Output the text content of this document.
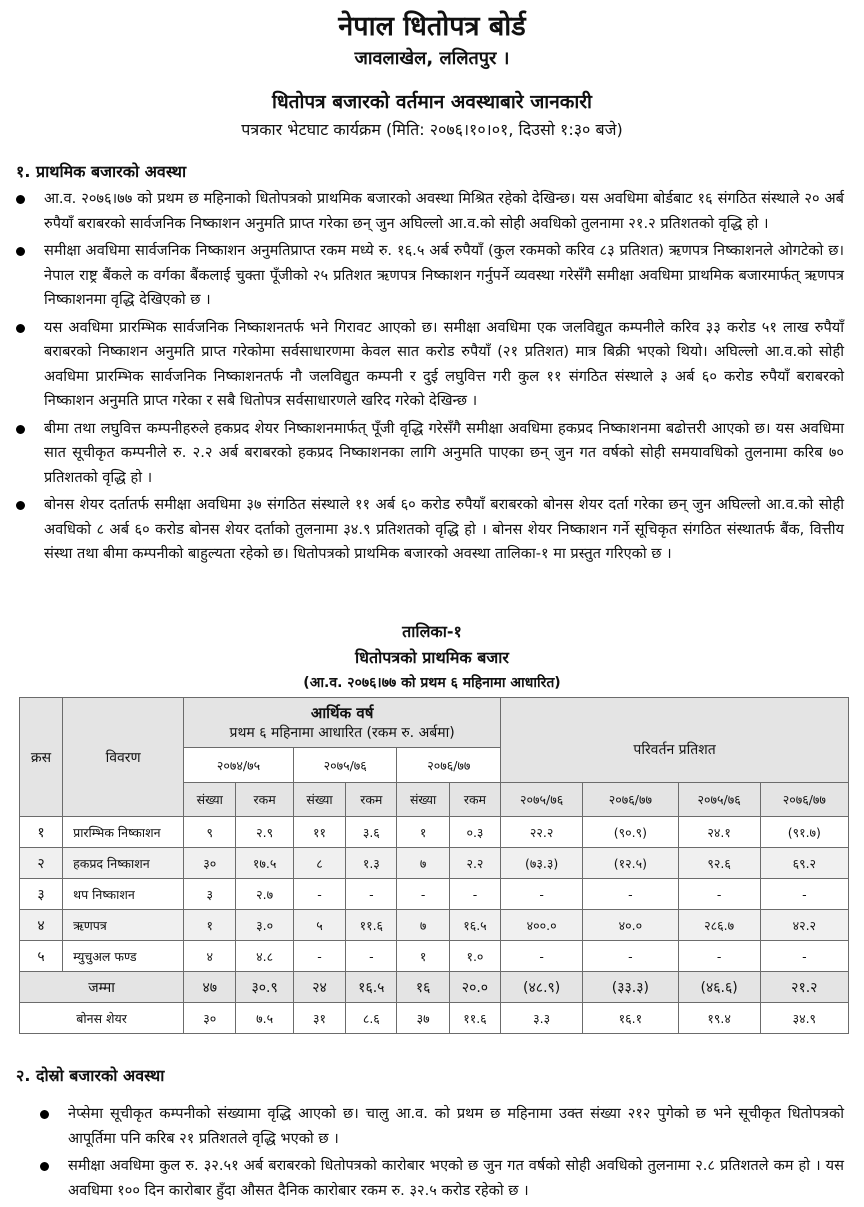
नेपाल धितोपत्र बोर्ड
जावलाखेल, ललितपुर ।
धितोपत्र बजारको वर्तमान अवस्थाबारे जानकारी
पत्रकार भेटघाट कार्यक्रम (मिति: २०७६।१०।०१, दिउसो १:३० बजे)
१. प्राथमिक बजारको अवस्था
आ.व. २०७६।७७ को प्रथम छ महिनाको धितोपत्रको प्राथमिक बजारको अवस्था मिश्रित रहेको देखिन्छ। यस अवधिमा बोर्डबाट १६ संगठित संस्थाले २० अर्ब रुपैयाँ बराबरको सार्वजनिक निष्काशन अनुमति प्राप्त गरेका छन् जुन अघिल्लो आ.व.को सोही अवधिको तुलनामा २१.२ प्रतिशतको वृद्धि हो ।
समीक्षा अवधिमा सार्वजनिक निष्काशन अनुमतिप्राप्त रकम मध्ये रु. १६.५ अर्ब रुपैयाँ (कुल रकमको करिव ८३ प्रतिशत) ऋणपत्र निष्काशनले ओगटेको छ। नेपाल राष्ट्र बैंकले क वर्गका बैंकलाई चुक्ता पूँजीको २५ प्रतिशत ऋणपत्र निष्काशन गर्नुपर्ने व्यवस्था गरेसँगै समीक्षा अवधिमा प्राथमिक बजारमार्फत् ऋणपत्र निष्काशनमा वृद्धि देखिएको छ ।
यस अवधिमा प्रारम्भिक सार्वजनिक निष्काशनतर्फ भने गिरावट आएको छ। समीक्षा अवधिमा एक जलविद्युत कम्पनीले करिव ३३ करोड ५१ लाख रुपैयाँ बराबरको निष्काशन अनुमति प्राप्त गरेकोमा सर्वसाधारणमा केवल सात करोड रुपैयाँ (२१ प्रतिशत) मात्र बिक्री भएको थियो। अघिल्लो आ.व.को सोही अवधिमा प्रारम्भिक सार्वजनिक निष्काशनतर्फ नौ जलविद्युत कम्पनी र दुई लघुवित्त गरी कुल ११ संगठित संस्थाले ३ अर्ब ६० करोड रुपैयाँ बराबरको निष्काशन अनुमति प्राप्त गरेका र सबै धितोपत्र सर्वसाधारणले खरिद गरेको देखिन्छ ।
बीमा तथा लघुवित्त कम्पनीहरुले हकप्रद शेयर निष्काशनमार्फत् पूँजी वृद्धि गरेसँगै समीक्षा अवधिमा हकप्रद निष्काशनमा बढोत्तरी आएको छ। यस अवधिमा सात सूचीकृत कम्पनीले रु. २.२ अर्ब बराबरको हकप्रद निष्काशनका लागि अनुमति पाएका छन् जुन गत वर्षको सोही समयावधिको तुलनामा करिब ७० प्रतिशतको वृद्धि हो ।
बोनस शेयर दर्तातर्फ समीक्षा अवधिमा ३७ संगठित संस्थाले ११ अर्ब ६० करोड रुपैयाँ बराबरको बोनस शेयर दर्ता गरेका छन् जुन अघिल्लो आ.व.को सोही अवधिको ८ अर्ब ६० करोड बोनस शेयर दर्ताको तुलनामा ३४.९ प्रतिशतको वृद्धि हो । बोनस शेयर निष्काशन गर्ने सूचिकृत संगठित संस्थातर्फ बैंक, वित्तीय संस्था तथा बीमा कम्पनीको बाहुल्यता रहेको छ। धितोपत्रको प्राथमिक बजारको अवस्था तालिका-१ मा प्रस्तुत गरिएको छ ।
तालिका-१
धितोपत्रको प्राथमिक बजार
(आ.व. २०७६।७७ को प्रथम ६ महिनामा आधारित)
क्रस	विवरण	आर्थिक वर्ष
प्रथम ६ महिनामा आधारित (रकम रु. अर्बमा)						परिवर्तन प्रतिशत			

		२०७४/७५		२०७५/७६		२०७६/७७					
		संख्या	रकम	संख्या	रकम	संख्या	रकम	२०७५/७६	२०७६/७७	२०७५/७६	२०७६/७७
१	प्रारम्भिक निष्काशन	९	२.९	११	३.६	१	०.३	२२.२	(९०.९)	२४.१	(९१.७)
२	हकप्रद निष्काशन	३०	१७.५	८	१.३	७	२.२	(७३.३)	(१२.५)	९२.६	६९.२
३	थप निष्काशन	३	२.७	-	-	-	-	-	-	-	-
४	ऋणपत्र	१	३.०	५	११.६	७	१६.५	४००.०	४०.०	२८६.७	४२.२
५	म्युचुअल फण्ड	४	४.८	-	-	१	१.०	-	-	-	-
जम्मा		४७	३०.९	२४	१६.५	१६	२०.०	(४८.९)	(३३.३)	(४६.६)	२१.२
बोनस शेयर		३०	७.५	३१	८.६	३७	११.६	३.३	१६.१	१९.४	३४.९
२. दोस्रो बजारको अवस्था
नेप्सेमा सूचीकृत कम्पनीको संख्यामा वृद्धि आएको छ। चालु आ.व. को प्रथम छ महिनामा उक्त संख्या २१२ पुगेको छ भने सूचीकृत धितोपत्रको आपूर्तिमा पनि करिब २१ प्रतिशतले वृद्धि भएको छ ।
समीक्षा अवधिमा कुल रु. ३२.५१ अर्ब बराबरको धितोपत्रको कारोबार भएको छ जुन गत वर्षको सोही अवधिको तुलनामा २.८ प्रतिशतले कम हो । यस अवधिमा १०० दिन कारोबार हुँदा औसत दैनिक कारोबार रकम रु. ३२.५ करोड रहेको छ ।
